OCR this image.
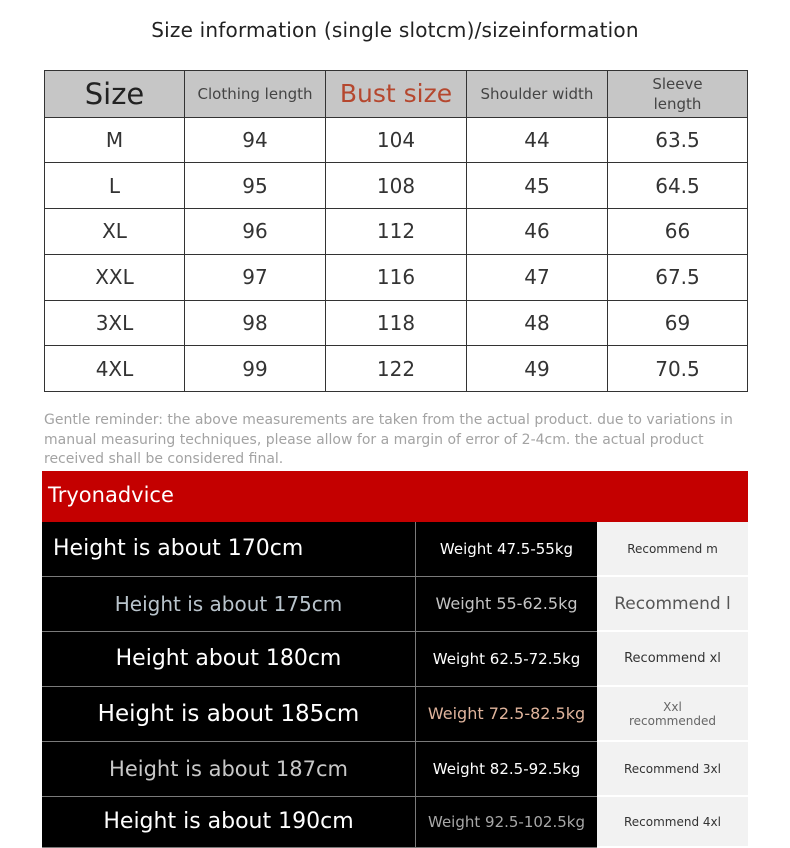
Size information (single slotcm)/sizeinformation
Size	Clothing length	Bust size	Shoulder width	Sleeve length
M	94	104	44	63.5
L	95	108	45	64.5
XL	96	112	46	66
XXL	97	116	47	67.5
3XL	98	118	48	69
4XL	99	122	49	70.5
Gentle reminder: the above measurements are taken from the actual product. due to variations in manual measuring techniques, please allow for a margin of error of 2-4cm. the actual product received shall be considered final.
Tryonadvice
Height is about 170cm	Weight 47.5-55kg	Recommend m
Height is about 175cm	Weight 55-62.5kg	Recommend l
Height about 180cm	Weight 62.5-72.5kg	Recommend xl
Height is about 185cm	Weight 72.5-82.5kg	Xxl recommended
Height is about 187cm	Weight 82.5-92.5kg	Recommend 3xl
Height is about 190cm	Weight 92.5-102.5kg	Recommend 4xl
